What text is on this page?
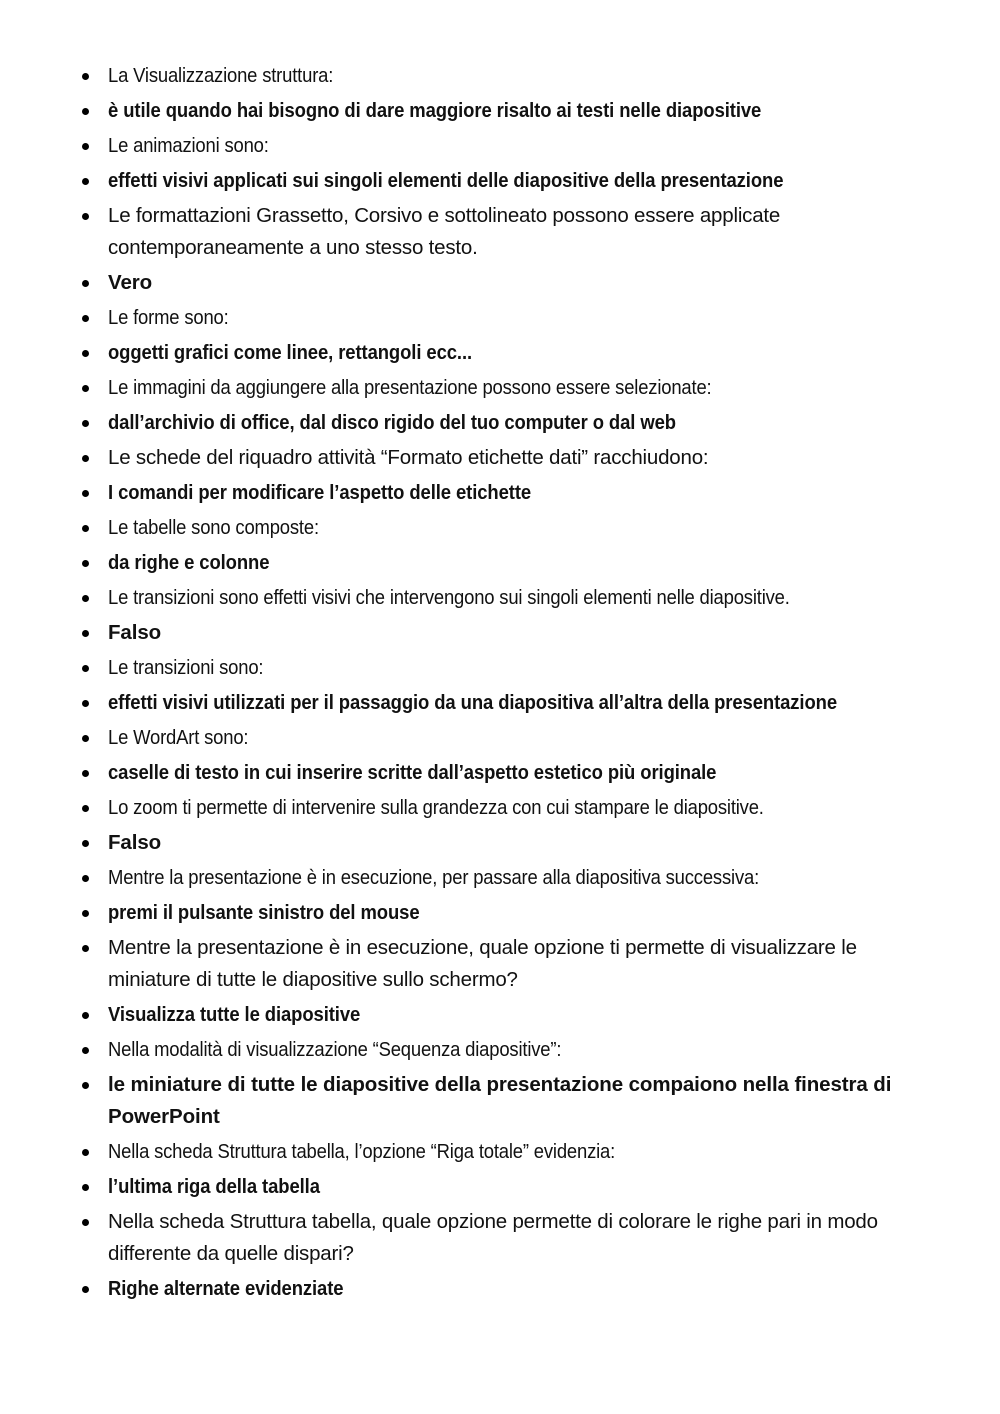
La Visualizzazione struttura:
è utile quando hai bisogno di dare maggiore risalto ai testi nelle diapositive
Le animazioni sono:
effetti visivi applicati sui singoli elementi delle diapositive della presentazione
Le formattazioni Grassetto, Corsivo e sottolineato possono essere applicate contemporaneamente a uno stesso testo.
Vero
Le forme sono:
oggetti grafici come linee, rettangoli ecc...
Le immagini da aggiungere alla presentazione possono essere selezionate:
dall’archivio di office, dal disco rigido del tuo computer o dal web
Le schede del riquadro attività “Formato etichette dati” racchiudono:
I comandi per modificare l’aspetto delle etichette
Le tabelle sono composte:
da righe e colonne
Le transizioni sono effetti visivi che intervengono sui singoli elementi nelle diapositive.
Falso
Le transizioni sono:
effetti visivi utilizzati per il passaggio da una diapositiva all’altra della presentazione
Le WordArt sono:
caselle di testo in cui inserire scritte dall’aspetto estetico più originale
Lo zoom ti permette di intervenire sulla grandezza con cui stampare le diapositive.
Falso
Mentre la presentazione è in esecuzione, per passare alla diapositiva successiva:
premi il pulsante sinistro del mouse
Mentre la presentazione è in esecuzione, quale opzione ti permette di visualizzare le miniature di tutte le diapositive sullo schermo?
Visualizza tutte le diapositive
Nella modalità di visualizzazione “Sequenza diapositive”:
le miniature di tutte le diapositive della presentazione compaiono nella finestra di PowerPoint
Nella scheda Struttura tabella, l’opzione “Riga totale” evidenzia:
l’ultima riga della tabella
Nella scheda Struttura tabella, quale opzione permette di colorare le righe pari in modo differente da quelle dispari?
Righe alternate evidenziate
